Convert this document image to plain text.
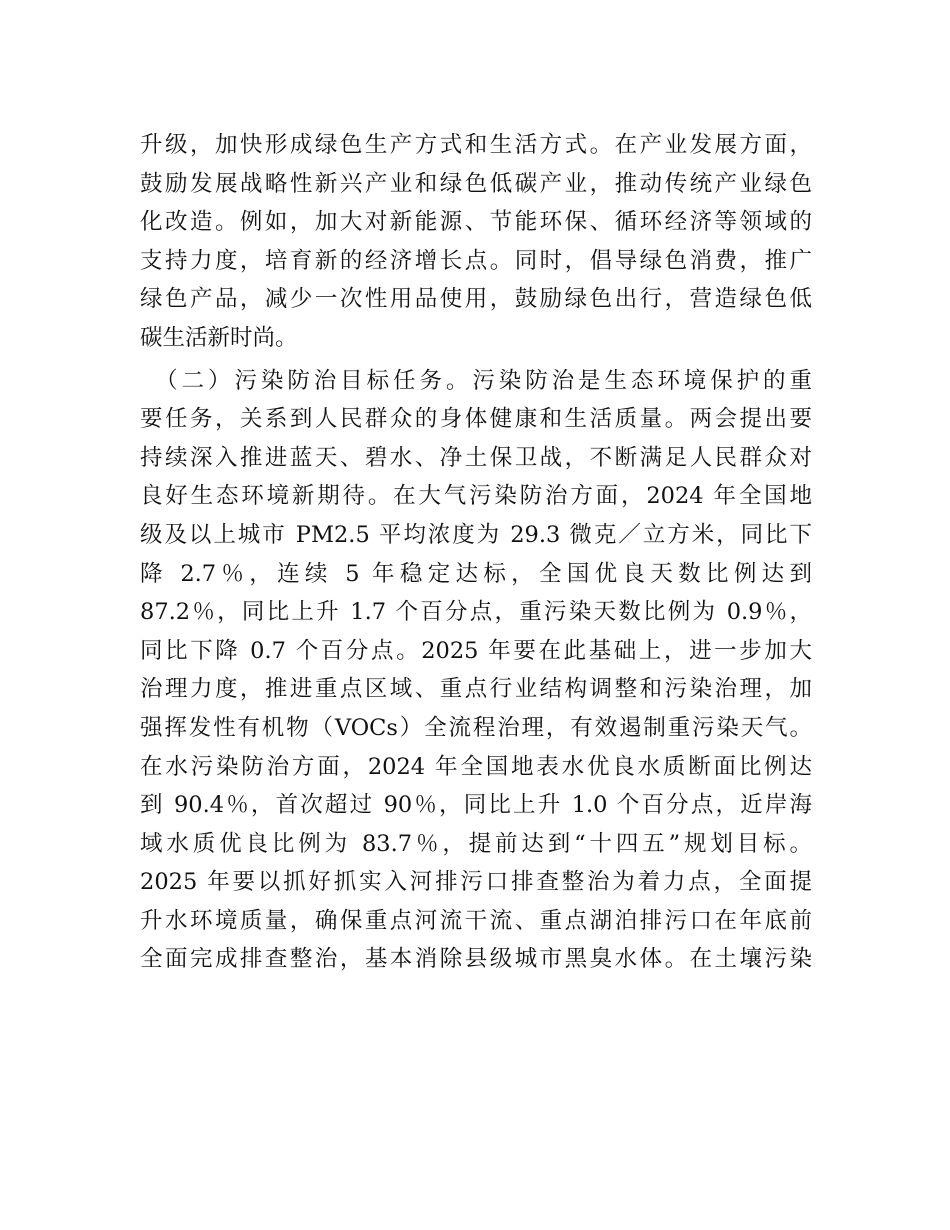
升级，加快形成绿色生产方式和生活方式。在产业发展方面，
鼓励发展战略性新兴产业和绿色低碳产业，推动传统产业绿色
化改造。例如，加大对新能源、节能环保、循环经济等领域的
支持力度，培育新的经济增长点。同时，倡导绿色消费，推广
绿色产品，减少一次性用品使用，鼓励绿色出行，营造绿色低
碳生活新时尚。
　（二）污染防治目标任务。污染防治是生态环境保护的重
要任务，关系到人民群众的身体健康和生活质量。两会提出要
持续深入推进蓝天、碧水、净土保卫战，不断满足人民群众对
良好生态环境新期待。在大气污染防治方面，2024 年全国地
级及以上城市 PM2.5 平均浓度为 29.3 微克／立方米，同比下
降 2.7％，连续 5 年稳定达标，全国优良天数比例达到
87.2％，同比上升 1.7 个百分点，重污染天数比例为 0.9％，
同比下降 0.7 个百分点。2025 年要在此基础上，进一步加大
治理力度，推进重点区域、重点行业结构调整和污染治理，加
强挥发性有机物（VOCs）全流程治理，有效遏制重污染天气。
在水污染防治方面，2024 年全国地表水优良水质断面比例达
到 90.4％，首次超过 90％，同比上升 1.0 个百分点，近岸海
域水质优良比例为 83.7％，提前达到“十四五”规划目标。
2025 年要以抓好抓实入河排污口排查整治为着力点，全面提
升水环境质量，确保重点河流干流、重点湖泊排污口在年底前
全面完成排查整治，基本消除县级城市黑臭水体。在土壤污染
